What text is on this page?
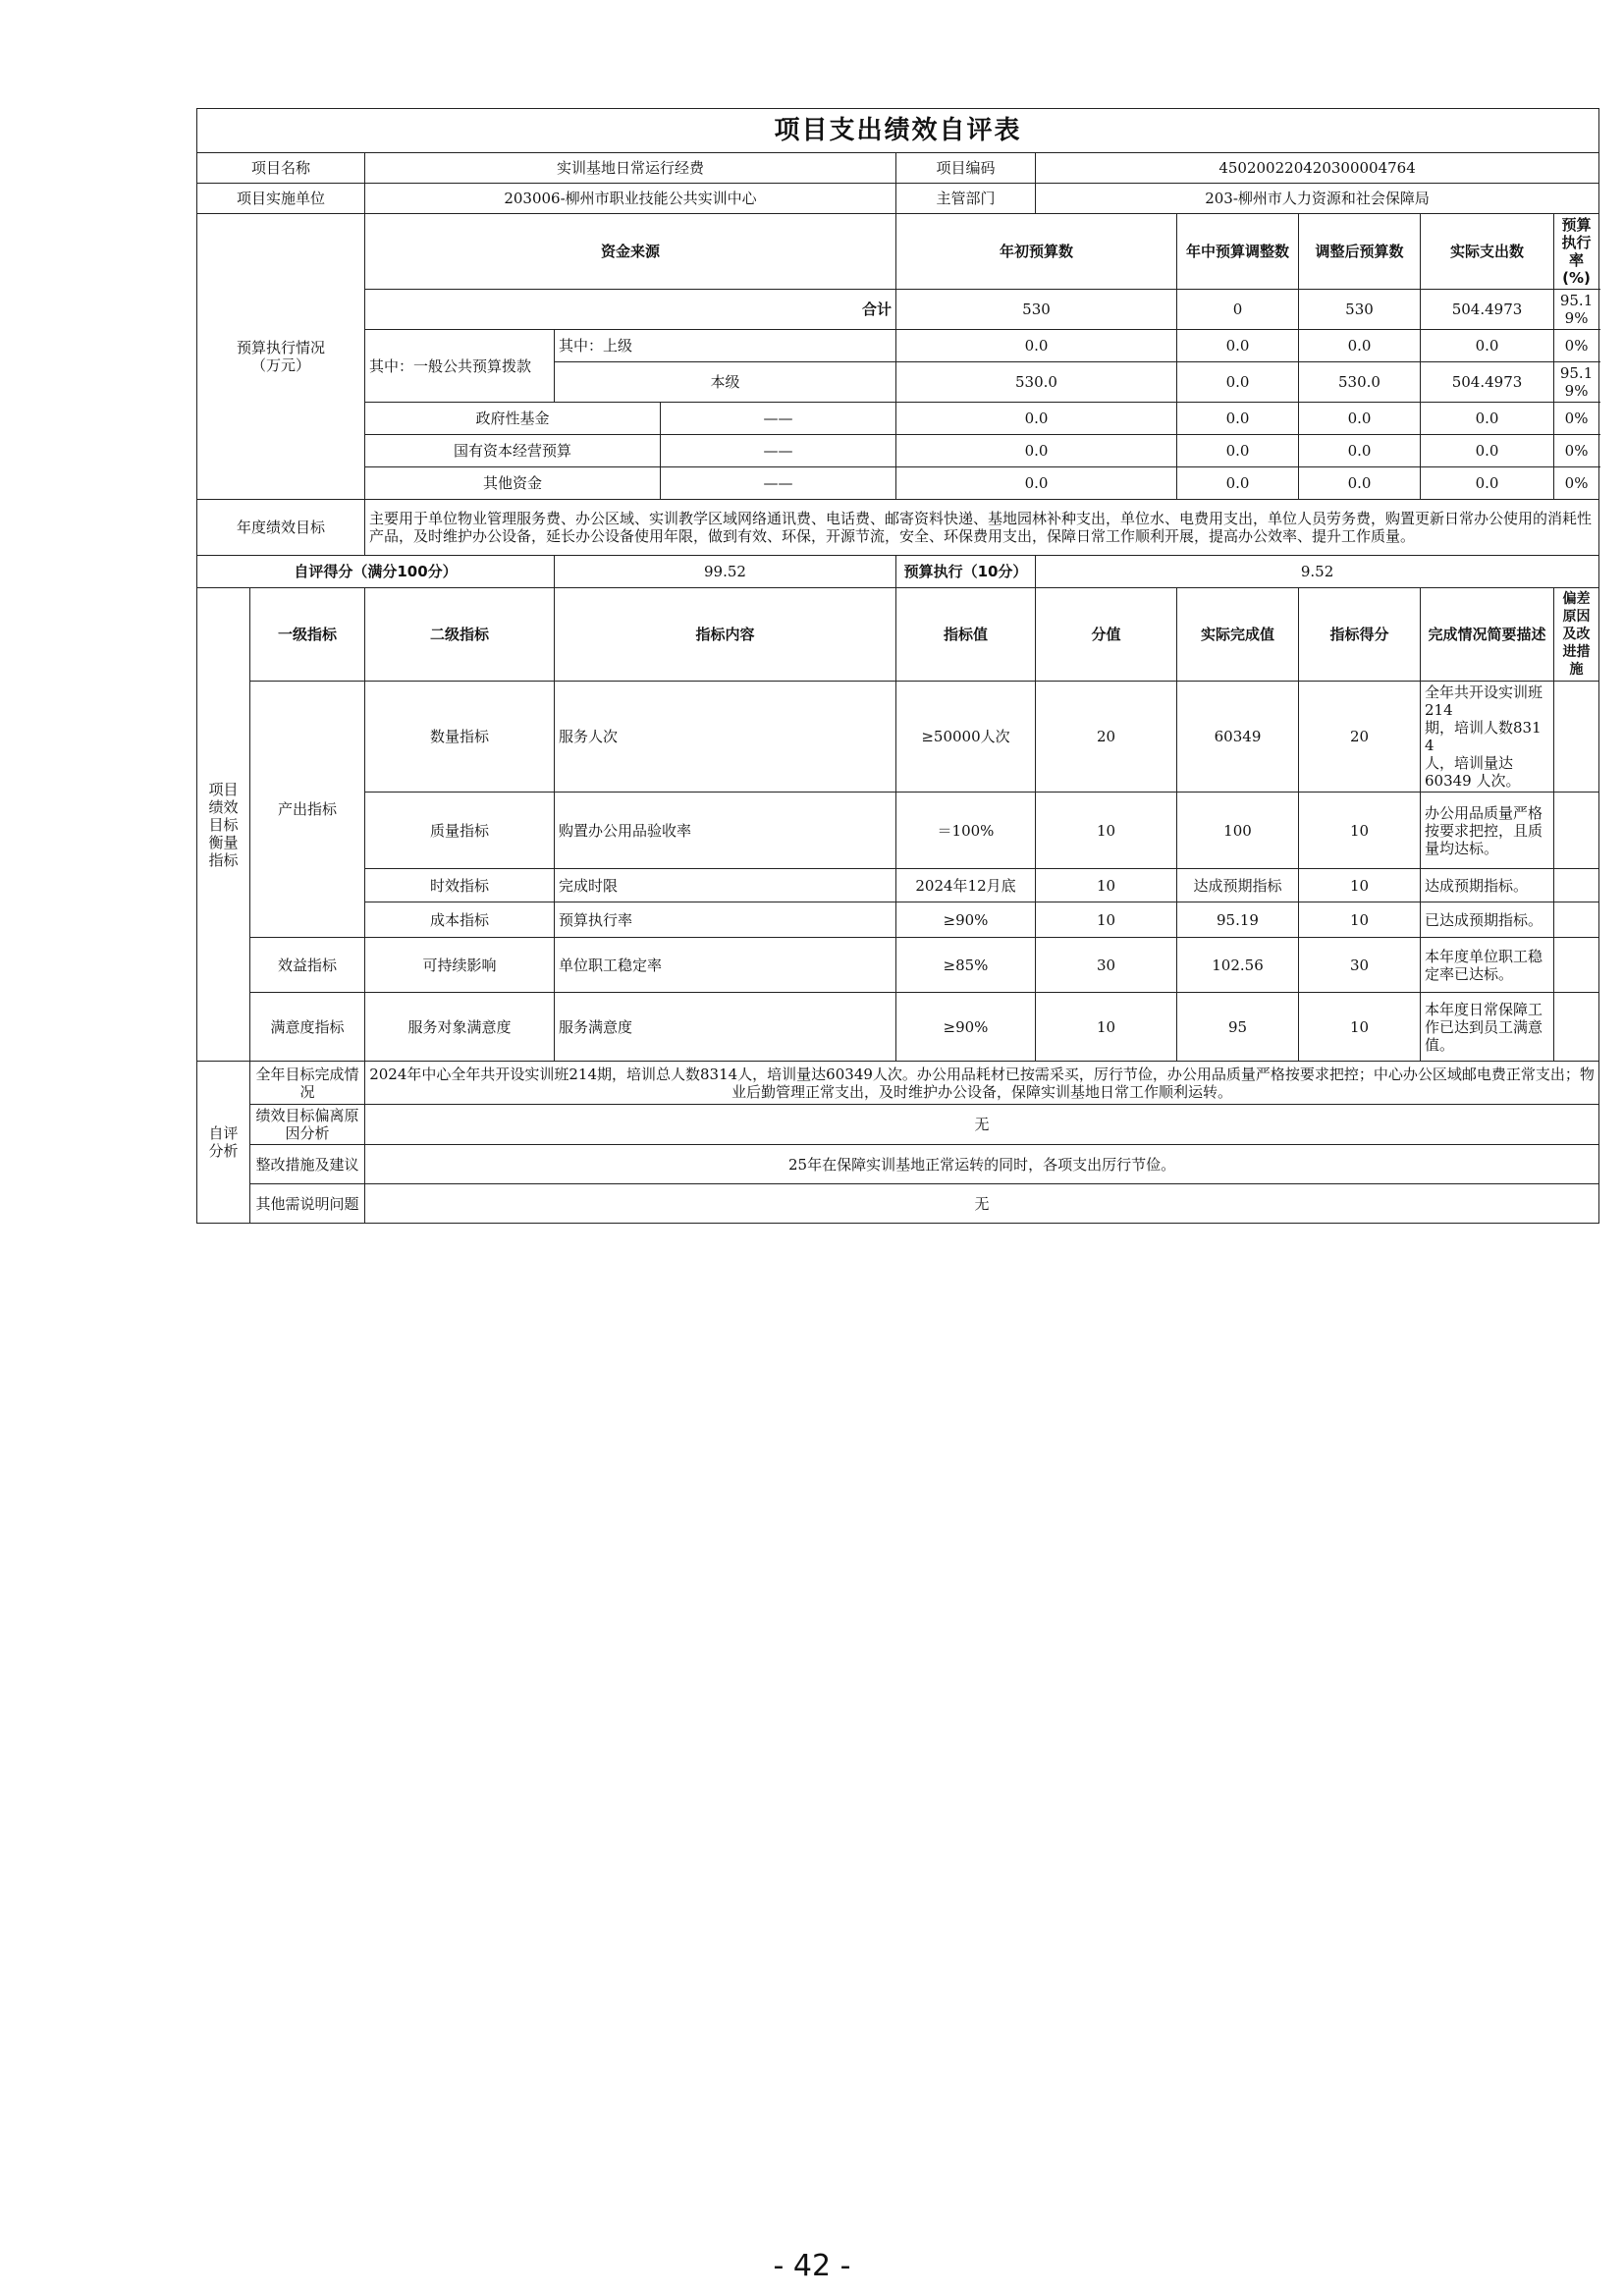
项目支出绩效自评表										
项目名称		实训基地日常运行经费			项目编码	450200220420300004764				
项目实施单位		203006-柳州市职业技能公共实训中心			主管部门	203-柳州市人力资源和社会保障局				
预算执行情况
（万元）		资金来源			年初预算数		年中预算调整数	调整后预算数	实际支出数	预算执行率(%)
		合计			530		0	530	504.4973	95.19%
		其中：一般公共预算拨款	其中：上级		0.0		0.0	0.0	0.0	0%
			本级		530.0		0.0	530.0	504.4973	95.19%
		政府性基金		——	0.0		0.0	0.0	0.0	0%
		国有资本经营预算		——	0.0		0.0	0.0	0.0	0%
		其他资金		——	0.0		0.0	0.0	0.0	0%
年度绩效目标		主要用于单位物业管理服务费、办公区域、实训教学区域网络通讯费、电话费、邮寄资料快递、基地园林补种支出，单位水、电费用支出，单位人员劳务费，购置更新日常办公使用的消耗性产品，及时维护办公设备，延长办公设备使用年限，做到有效、环保，开源节流，安全、环保费用支出，保障日常工作顺利开展，提高办公效率、提升工作质量。								
自评得分（满分100分）			99.52		预算执行（10分）	9.52				
项目
绩效
目标
衡量
指标	一级指标	二级指标	指标内容		指标值	分值	实际完成值	指标得分	完成情况简要描述	偏差原因及改进措施
	产出指标	数量指标	服务人次		≥50000人次	20	60349	20	全年共开设实训班214
期，培训人数8314
人，培训量达
60349 人次。	
		质量指标	购置办公用品验收率		＝100%	10	100	10	办公用品质量严格按要求把控，且质量均达标。	
		时效指标	完成时限		2024年12月底	10	达成预期指标	10	达成预期指标。	
		成本指标	预算执行率		≥90%	10	95.19	10	已达成预期指标。	
	效益指标	可持续影响	单位职工稳定率		≥85%	30	102.56	30	本年度单位职工稳定率已达标。	
	满意度指标	服务对象满意度	服务满意度		≥90%	10	95	10	本年度日常保障工作已达到员工满意值。	
自评
分析	全年目标完成情况	2024年中心全年共开设实训班214期，培训总人数8314人，培训量达60349人次。办公用品耗材已按需采买，厉行节俭，办公用品质量严格按要求把控；中心办公区域邮电费正常支出；物业后勤管理正常支出，及时维护办公设备，保障实训基地日常工作顺利运转。								
	绩效目标偏离原因分析	无								
	整改措施及建议	25年在保障实训基地正常运转的同时，各项支出厉行节俭。								
	其他需说明问题	无								
- 42 -
